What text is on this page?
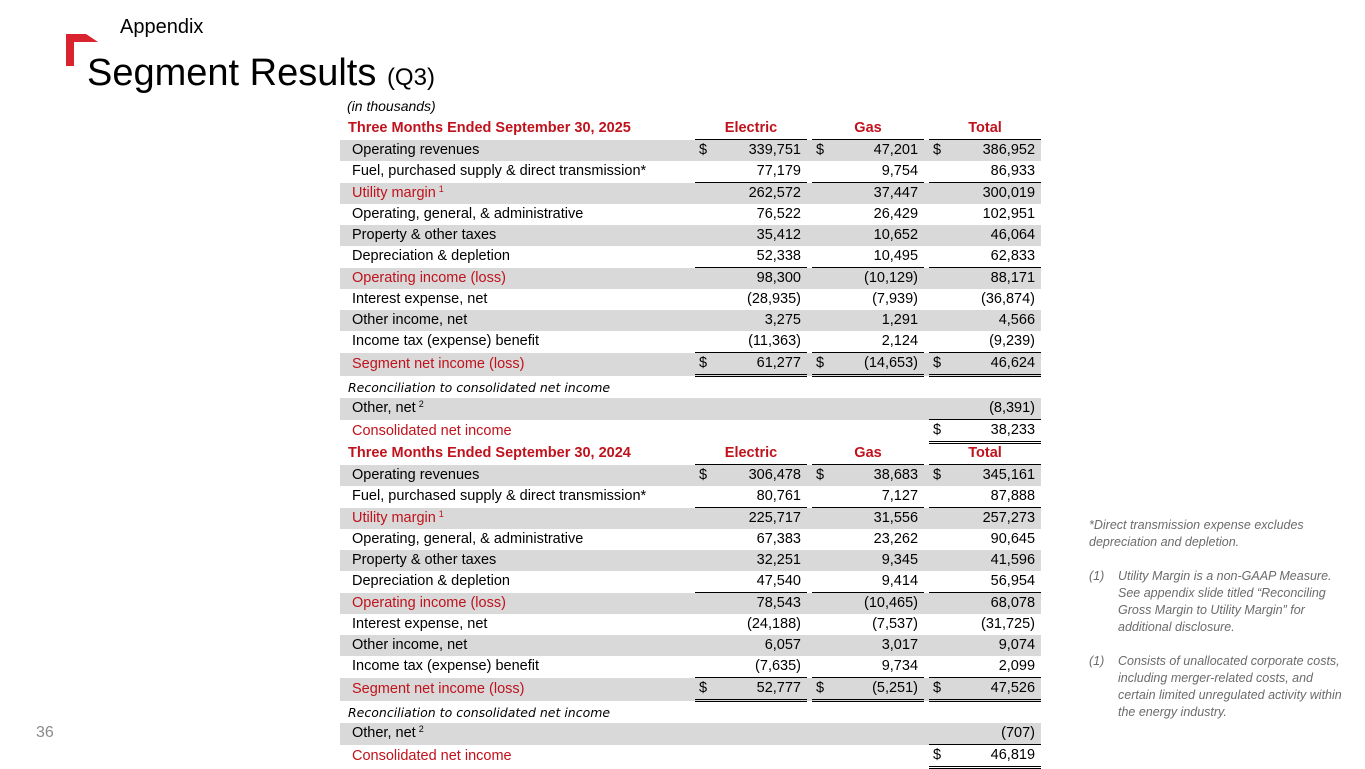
Appendix
Segment Results (Q3)
(in thousands)
Three Months Ended September 30, 2025	Electric			Gas			Total	
Operating revenues	$	339,751		$	47,201		$	386,952
Fuel, purchased supply & direct transmission*		77,179			9,754			86,933
Utility margin $^1$		262,572			37,447			300,019
Operating, general, & administrative		76,522			26,429			102,951
Property & other taxes		35,412			10,652			46,064
Depreciation & depletion		52,338			10,495			62,833
Operating income (loss)		98,300			(10,129)			88,171
Interest expense, net		(28,935)			(7,939)			(36,874)
Other income, net		3,275			1,291			4,566
Income tax (expense) benefit		(11,363)			2,124			(9,239)
Segment net income (loss)	$	61,277		$	(14,653)		$	46,624
Reconciliation to consolidated net income								
Other, net $^2$								(8,391)
Consolidated net income							$	38,233
Three Months Ended September 30, 2024	Electric			Gas			Total	
Operating revenues	$	306,478		$	38,683		$	345,161
Fuel, purchased supply & direct transmission*		80,761			7,127			87,888
Utility margin $^1$		225,717			31,556			257,273
Operating, general, & administrative		67,383			23,262			90,645
Property & other taxes		32,251			9,345			41,596
Depreciation & depletion		47,540			9,414			56,954
Operating income (loss)		78,543			(10,465)			68,078
Interest expense, net		(24,188)			(7,537)			(31,725)
Other income, net		6,057			3,017			9,074
Income tax (expense) benefit		(7,635)			9,734			2,099
Segment net income (loss)	$	52,777		$	(5,251)		$	47,526
Reconciliation to consolidated net income								
Other, net $^2$								(707)
Consolidated net income							$	46,819
36

*Direct transmission expense excludes depreciation and depletion.

(1) Utility Margin is a non-GAAP Measure. See appendix slide titled “Reconciling Gross Margin to Utility Margin” for additional disclosure.
(1) Consists of unallocated corporate costs, including merger-related costs, and certain limited unregulated activity within the energy industry.
